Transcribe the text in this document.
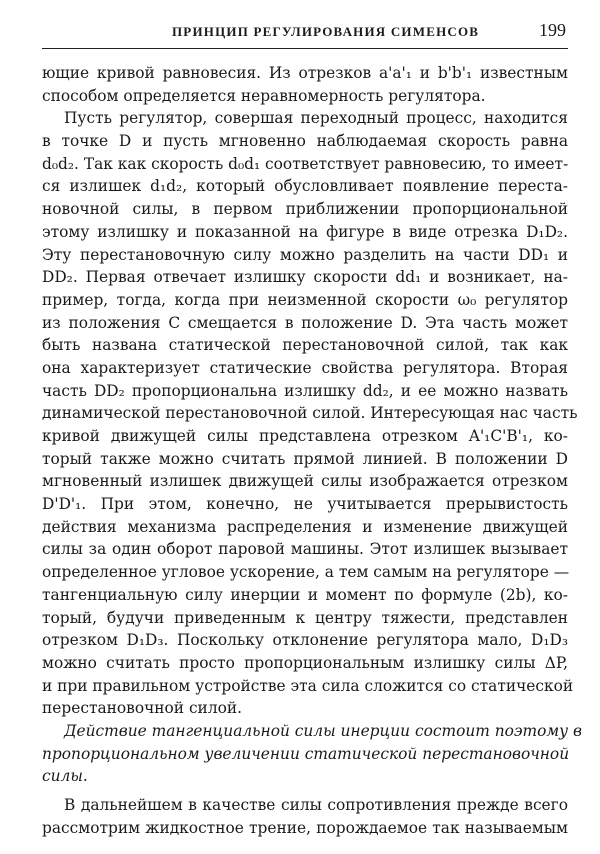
ПРИНЦИП РЕГУЛИРОВАНИЯ СИМЕНСОВ	199
ющие кривой равновесия. Из отрезков a'a'₁ и b'b'₁ известным
способом определяется неравномерность регулятора.
Пусть регулятор, совершая переходный процесс, находится
в точке D и пусть мгновенно наблюдаемая скорость равна
d₀d₂. Так как скорость d₀d₁ соответствует равновесию, то имеет-
ся излишек d₁d₂, который обусловливает появление переста-
новочной силы, в первом приближении пропорциональной
этому излишку и показанной на фигуре в виде отрезка D₁D₂.
Эту перестановочную силу можно разделить на части DD₁ и
DD₂. Первая отвечает излишку скорости dd₁ и возникает, на-
пример, тогда, когда при неизменной скорости ω₀ регулятор
из положения C смещается в положение D. Эта часть может
быть названа статической перестановочной силой, так как
она характеризует статические свойства регулятора. Вторая
часть DD₂ пропорциональна излишку dd₂, и ее можно назвать
динамической перестановочной силой. Интересующая нас часть
кривой движущей силы представлена отрезком A'₁C'B'₁, ко-
торый также можно считать прямой линией. В положении D
мгновенный излишек движущей силы изображается отрезком
D'D'₁. При этом, конечно, не учитывается прерывистость
действия механизма распределения и изменение движущей
силы за один оборот паровой машины. Этот излишек вызывает
определенное угловое ускорение, а тем самым на регуляторе —
тангенциальную силу инерции и момент по формуле (2b), ко-
торый, будучи приведенным к центру тяжести, представлен
отрезком D₁D₃. Поскольку отклонение регулятора мало, D₁D₃
можно считать просто пропорциональным излишку силы ΔP,
и при правильном устройстве эта сила сложится со статической
перестановочной силой.
Действие тангенциальной силы инерции состоит поэтому в
пропорциональном увеличении статической перестановочной
силы.
В дальнейшем в качестве силы сопротивления прежде всего
рассмотрим жидкостное трение, порождаемое так называемым
